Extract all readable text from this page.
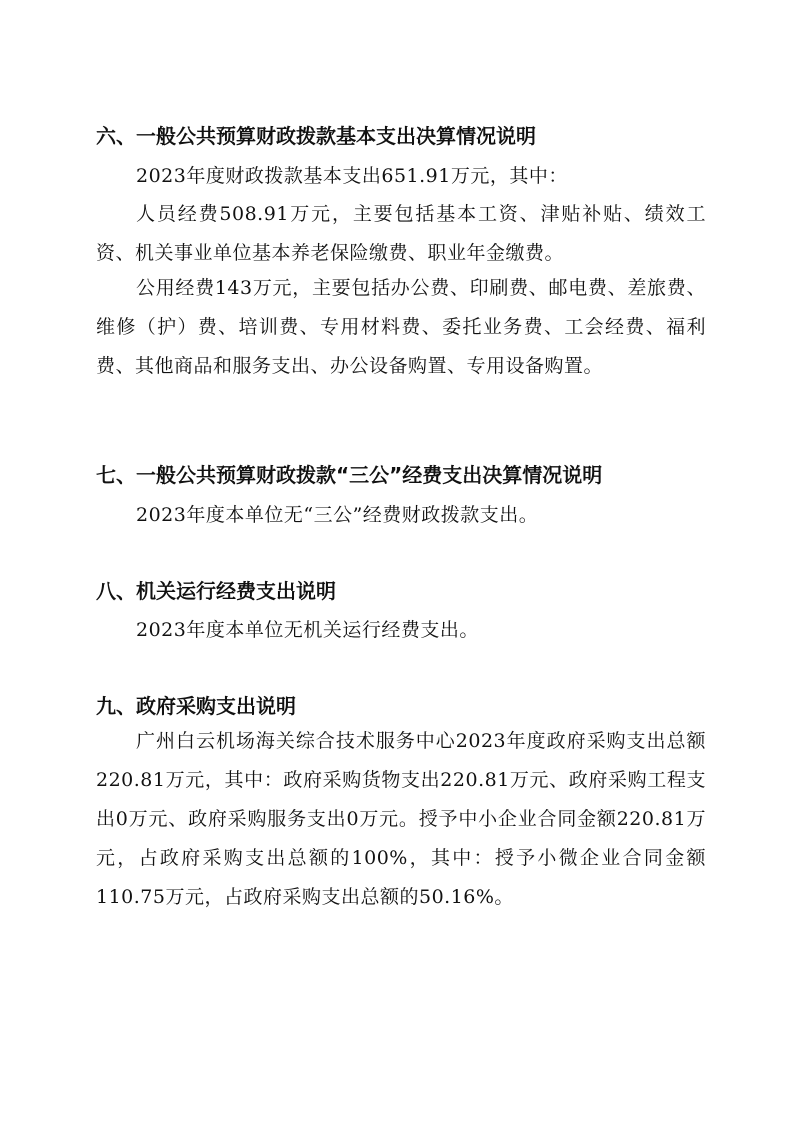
六、一般公共预算财政拨款基本支出决算情况说明
2023年度财政拨款基本支出651.91万元，其中：

人员经费508.91万元，主要包括基本工资、津贴补贴、绩效工资、机关事业单位基本养老保险缴费、职业年金缴费。

公用经费143万元，主要包括办公费、印刷费、邮电费、差旅费、维修（护）费、培训费、专用材料费、委托业务费、工会经费、福利费、其他商品和服务支出、办公设备购置、专用设备购置。

七、一般公共预算财政拨款“三公”经费支出决算情况说明
2023年度本单位无“三公”经费财政拨款支出。
八、机关运行经费支出说明
2023年度本单位无机关运行经费支出。
九、政府采购支出说明

广州白云机场海关综合技术服务中心2023年度政府采购支出总额220.81万元，其中：政府采购货物支出220.81万元、政府采购工程支出0万元、政府采购服务支出0万元。授予中小企业合同金额220.81万元，占政府采购支出总额的100%，其中：授予小微企业合同金额110.75万元，占政府采购支出总额的50.16%。
